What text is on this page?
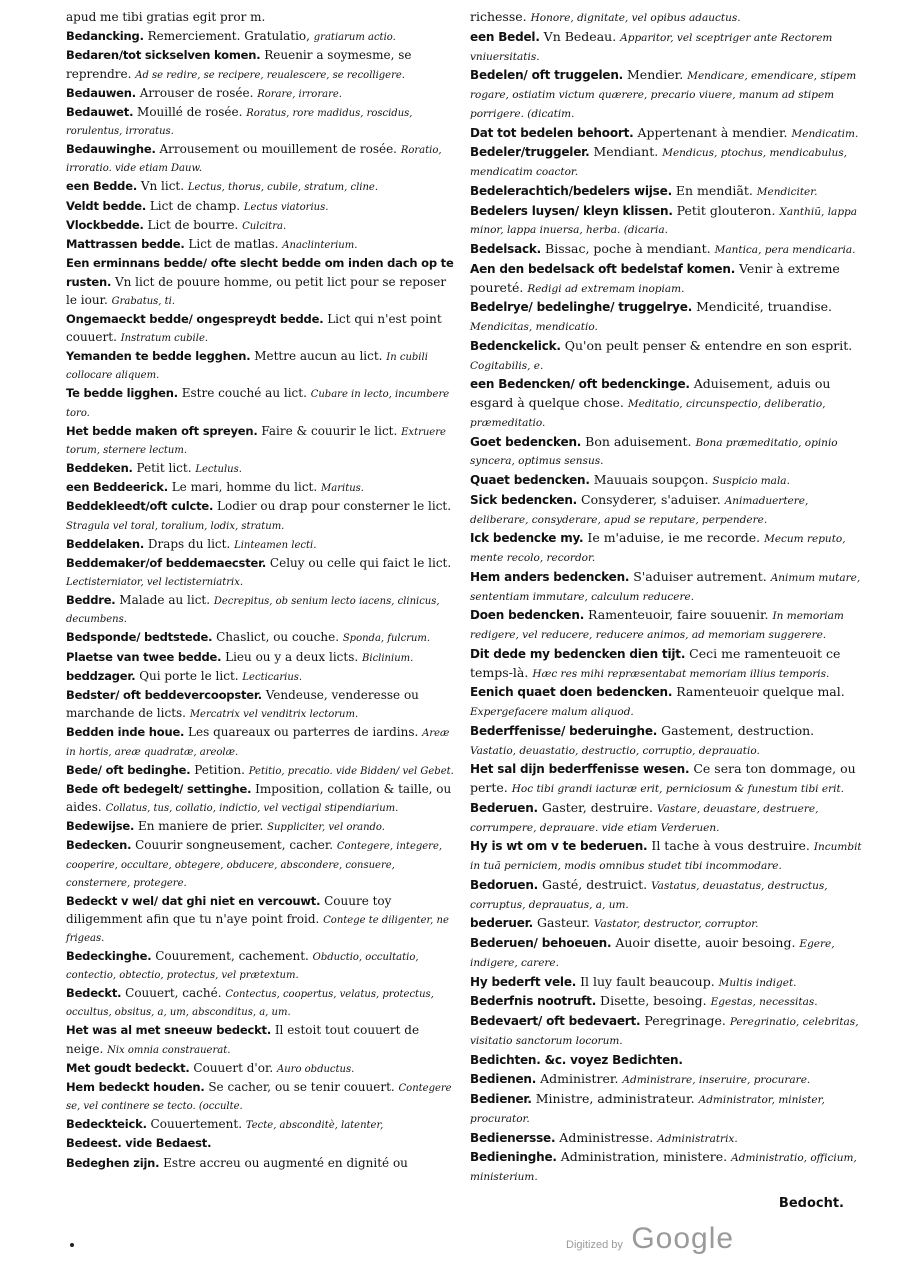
apud me tibi gratias egit pror m.
Bedancking. Remerciement. Gratulatio, gratiarum actio.
Bedaren/tot sickselven komen. Reuenir a soymesme, se reprendre. Ad se redire, se recipere, reualescere, se recolligere.
Bedauwen. Arrouser de rosée. Rorare, irrorare.
Bedauwet. Mouillé de rosée. Roratus, rore madidus, roscidus, rorulentus, irroratus.
Bedauwinghe. Arrousement ou mouillement de rosée. Roratio, irroratio. vide etiam Dauw.
een Bedde. Vn lict. Lectus, thorus, cubile, stratum, cline.
Veldt bedde. Lict de champ. Lectus viatorius.
Vlockbedde. Lict de bourre. Culcitra.
Mattrassen bedde. Lict de matlas. Anaclinterium.
Een erminnans bedde/ ofte slecht bedde om inden dach op te rusten. Vn lict de pouure homme, ou petit lict pour se reposer le iour. Grabatus, ti.
Ongemaeckt bedde/ ongespreydt bedde. Lict qui n'est point couuert. Instratum cubile.
Yemanden te bedde legghen. Mettre aucun au lict. In cubili collocare aliquem.
Te bedde ligghen. Estre couché au lict. Cubare in lecto, incumbere toro.
Het bedde maken oft spreyen. Faire & couurir le lict. Extruere torum, sternere lectum.
Beddeken. Petit lict. Lectulus.
een Beddeerick. Le mari, homme du lict. Maritus.
Beddekleedt/oft culcte. Lodier ou drap pour consterner le lict. Stragula vel toral, toralium, lodix, stratum.
Beddelaken. Draps du lict. Linteamen lecti.
Beddemaker/of beddemaecster. Celuy ou celle qui faict le lict. Lectisterniator, vel lectisterniatrix.
Beddre. Malade au lict. Decrepitus, ob senium lecto iacens, clinicus, decumbens.
Bedsponde/ bedtstede. Chaslict, ou couche. Sponda, fulcrum.
Plaetse van twee bedde. Lieu ou y a deux licts. Biclinium.
beddzager. Qui porte le lict. Lecticarius.
Bedster/ oft beddevercoopster. Vendeuse, venderesse ou marchande de licts. Mercatrix vel venditrix lectorum.
Bedden inde houe. Les quareaux ou parterres de iardins. Areæ in hortis, areæ quadratæ, areolæ.
Bede/ oft bedinghe. Petition. Petitio, precatio. vide Bidden/ vel Gebet.
Bede oft bedegelt/ settinghe. Imposition, collation & taille, ou aides. Collatus, tus, collatio, indictio, vel vectigal stipendiarium.
Bedewijse. En maniere de prier. Suppliciter, vel orando.
Bedecken. Couurir songneusement, cacher. Contegere, integere, cooperire, occultare, obtegere, obducere, abscondere, consuere, consternere, protegere.
Bedeckt v wel/ dat ghi niet en vercouwt. Couure toy diligemment afin que tu n'aye point froid. Contege te diligenter, ne frigeas.
Bedeckinghe. Couurement, cachement. Obductio, occultatio, contectio, obtectio, protectus, vel prætextum.
Bedeckt. Couuert, caché. Contectus, coopertus, velatus, protectus, occultus, obsitus, a, um, absconditus, a, um.
Het was al met sneeuw bedeckt. Il estoit tout couuert de neige. Nix omnia constrauerat.
Met goudt bedeckt. Couuert d'or. Auro obductus.
Hem bedeckt houden. Se cacher, ou se tenir couuert. Contegere se, vel continere se tecto. (occulte.
Bedeckteick. Couuertement. Tecte, absconditè, latenter,
Bedeest. vide Bedaest.
Bedeghen zijn. Estre accreu ou augmenté en dignité ou
richesse. Honore, dignitate, vel opibus adauctus.
een Bedel. Vn Bedeau. Apparitor, vel sceptriger ante Rectorem vniuersitatis.
Bedelen/ oft truggelen. Mendier. Mendicare, emendicare, stipem rogare, ostiatim victum quærere, precario viuere, manum ad stipem porrigere. (dicatim.
Dat tot bedelen behoort. Appertenant à mendier. Mendicatim.
Bedeler/truggeler. Mendiant. Mendicus, ptochus, mendicabulus, mendicatim coactor.
Bedelerachtich/bedelers wijse. En mendiãt. Mendiciter.
Bedelers luysen/ kleyn klissen. Petit glouteron. Xanthiũ, lappa minor, lappa inuersa, herba. (dicaria.
Bedelsack. Bissac, poche à mendiant. Mantica, pera mendicaria.
Aen den bedelsack oft bedelstaf komen. Venir à extreme poureté. Redigi ad extremam inopiam.
Bedelrye/ bedelinghe/ truggelrye. Mendicité, truandise. Mendicitas, mendicatio.
Bedenckelick. Qu'on peult penser & entendre en son esprit. Cogitabilis, e.
een Bedencken/ oft bedenckinge. Aduisement, aduis ou esgard à quelque chose. Meditatio, circunspectio, deliberatio, præmeditatio.
Goet bedencken. Bon aduisement. Bona præmeditatio, opinio syncera, optimus sensus.
Quaet bedencken. Mauuais soupçon. Suspicio mala.
Sick bedencken. Consyderer, s'aduiser. Animaduertere, deliberare, consyderare, apud se reputare, perpendere.
Ick bedencke my. Ie m'aduise, ie me recorde. Mecum reputo, mente recolo, recordor.
Hem anders bedencken. S'aduiser autrement. Animum mutare, sententiam immutare, calculum reducere.
Doen bedencken. Ramenteuoir, faire souuenir. In memoriam redigere, vel reducere, reducere animos, ad memoriam suggerere.
Dit dede my bedencken dien tijt. Ceci me ramenteuoit ce temps-là. Hæc res mihi repræsentabat memoriam illius temporis.
Eenich quaet doen bedencken. Ramenteuoir quelque mal. Expergefacere malum aliquod.
Bederffenisse/ bederuinghe. Gastement, destruction. Vastatio, deuastatio, destructio, corruptio, deprauatio.
Het sal dijn bederffenisse wesen. Ce sera ton dommage, ou perte. Hoc tibi grandi iacturæ erit, perniciosum & funestum tibi erit.
Bederuen. Gaster, destruire. Vastare, deuastare, destruere, corrumpere, deprauare. vide etiam Verderuen.
Hy is wt om v te bederuen. Il tache à vous destruire. Incumbit in tuã perniciem, modis omnibus studet tibi incommodare.
Bedoruen. Gasté, destruict. Vastatus, deuastatus, destructus, corruptus, deprauatus, a, um.
bederuer. Gasteur. Vastator, destructor, corruptor.
Bederuen/ behoeuen. Auoir disette, auoir besoing. Egere, indigere, carere.
Hy bederft vele. Il luy fault beaucoup. Multis indiget.
Bederfnis nootruft. Disette, besoing. Egestas, necessitas.
Bedevaert/ oft bedevaert. Peregrinage. Peregrinatio, celebritas, visitatio sanctorum locorum.
Bedichten. &c. voyez Bedichten.
Bedienen. Administrer. Administrare, inseruire, procurare.
Bediener. Ministre, administrateur. Administrator, minister, procurator.
Bedienersse. Administresse. Administratrix.
Bedieninghe. Administration, ministere. Administratio, officium, ministerium.
Bedocht.
Digitized by Google
